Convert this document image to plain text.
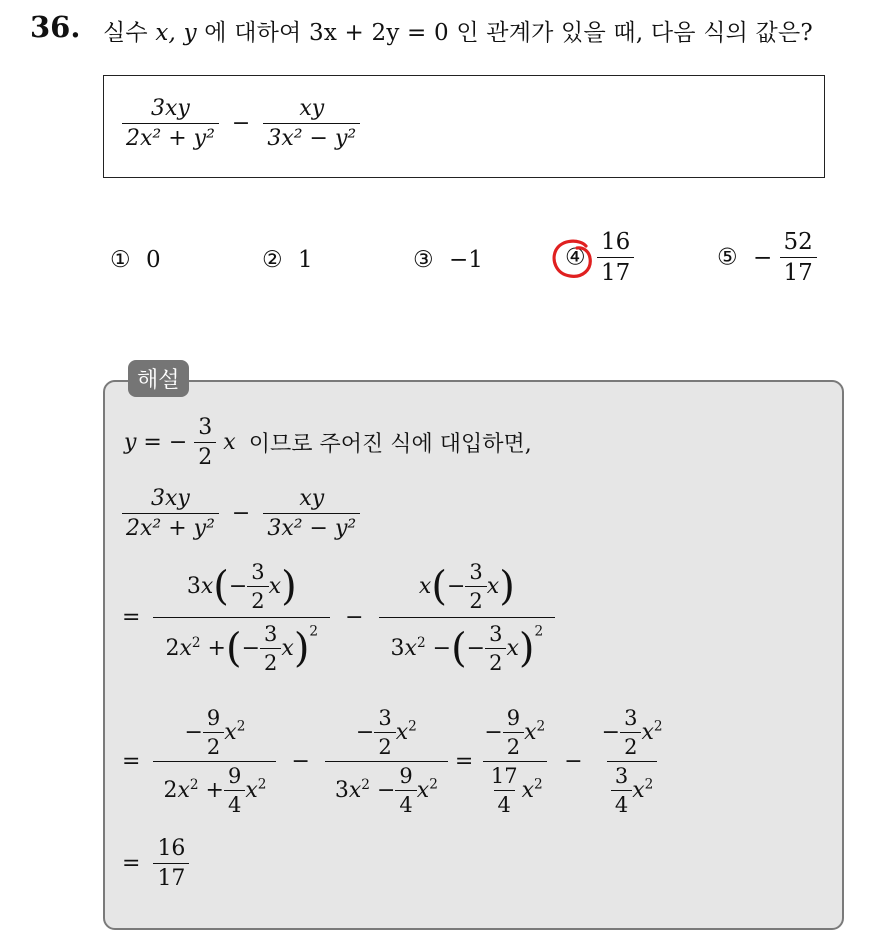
36. 실수 x, y 에 대하여 3x + 2y = 0 인 관계가 있을 때, 다음 식의 값은?
$\frac{3xy}{\text{2x² + y²}} - \frac{xy}{\text{3x² − y²}}$
① 0	② 1	③ −1	④ $\frac{16}{17}$	⑤ − $\frac{52}{17}$
해설
y = − $\frac{3}{2}$ x 이므로 주어진 식에 대입하면,
$\frac{3xy}{\text{2x² + y²}} - \frac{xy}{\text{3x² − y²}}$
= $\frac{3x(- \frac{3}{2} x)}{2x^2 +(- \frac{3}{2} x)^2} - \frac{x(- \frac{3}{2} x)}{3x^2 -(- \frac{3}{2} x)^2}$
= $\frac{- \frac{9}{2} x^2}{2x^2 + \frac{9}{4} x^2} - \frac{- \frac{3}{2} x^2}{3x^2 - \frac{9}{4} x^2} = \frac{- \frac{9}{2} x^2}{\frac{17}{4} x^2} - \frac{- \frac{3}{2} x^2}{\frac{3}{4} x^2}$
= $\frac{16}{17}$
